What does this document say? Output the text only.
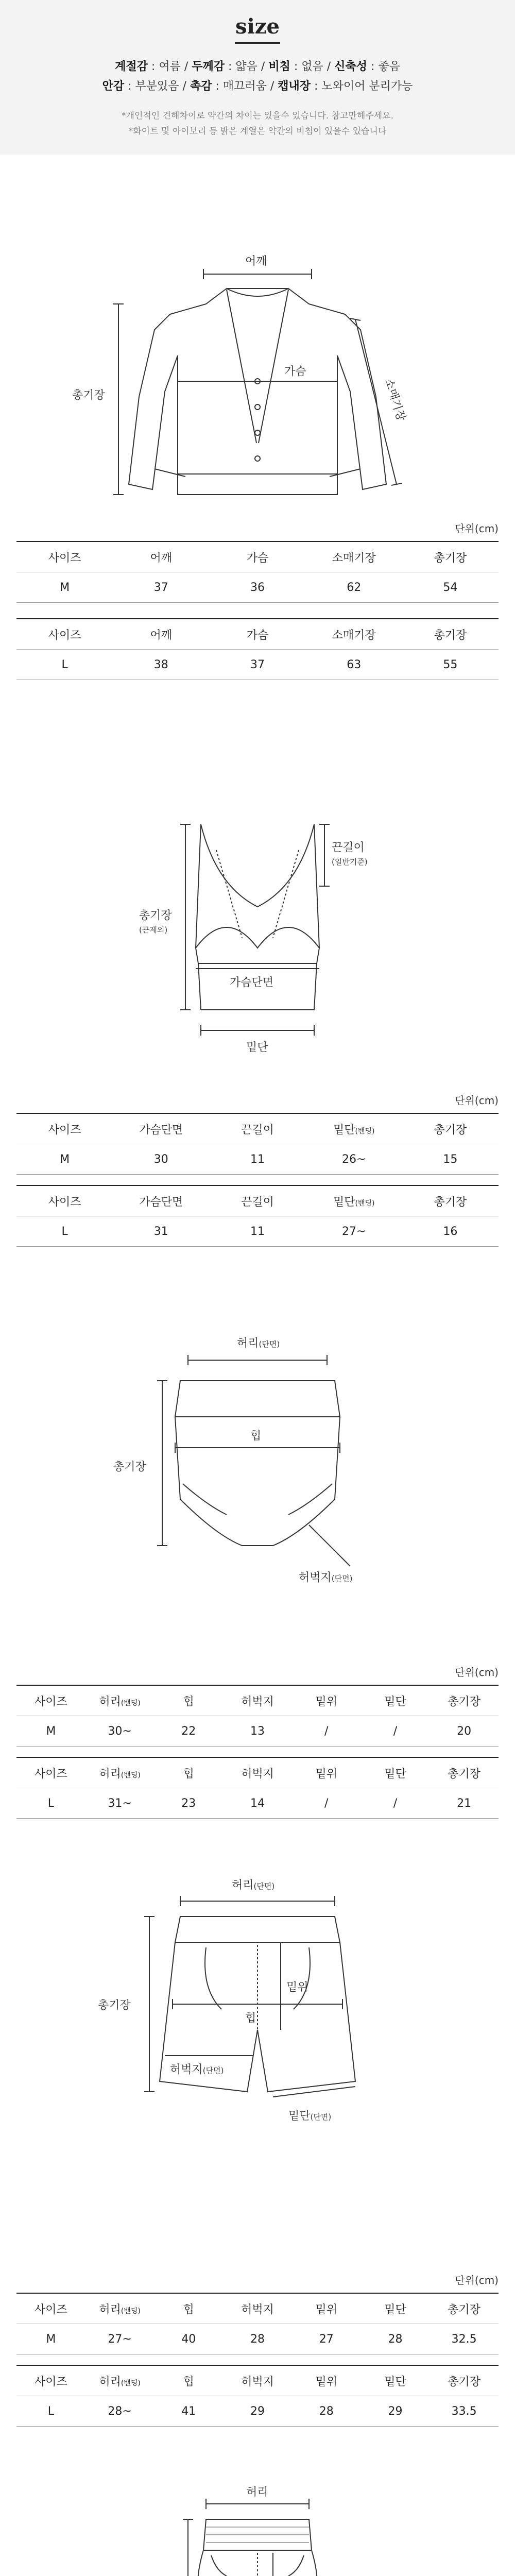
size
계절감 : 여름 / 두께감 : 얇음 / 비침 : 없음 / 신축성 : 좋음
안감 : 부분있음 / 촉감 : 매끄러움 / 캡내장 : 노와이어 분리가능
*개인적인 견해차이로 약간의 차이는 있을수 있습니다. 참고만해주세요.
*화이트 및 아이보리 등 밝은 계열은 약간의 비침이 있을수 있습니다
어깨
총기장
가슴
소매기장
단위(cm)
사이즈	어깨	가슴	소매기장	총기장
M	37	36	62	54
사이즈	어깨	가슴	소매기장	총기장
L	38	37	63	55
끈길이
(일반기준)
총기장
(끈제외)
가슴단면
밑단
단위(cm)
사이즈	가슴단면	끈길이	밑단(밴딩)	총기장
M	30	11	26~	15
사이즈	가슴단면	끈길이	밑단(밴딩)	총기장
L	31	11	27~	16
허리(단면)
힙
총기장
허벅지(단면)
단위(cm)
사이즈	허리(밴딩)	힙	허벅지	밑위	밑단	총기장
M	30~	22	13	/	/	20
사이즈	허리(밴딩)	힙	허벅지	밑위	밑단	총기장
L	31~	23	14	/	/	21
허리(단면)
총기장
밑위
힙
허벅지(단면)
밑단(단면)
단위(cm)
사이즈	허리(밴딩)	힙	허벅지	밑위	밑단	총기장
M	27~	40	28	27	28	32.5
사이즈	허리(밴딩)	힙	허벅지	밑위	밑단	총기장
L	28~	41	29	28	29	33.5
허리
